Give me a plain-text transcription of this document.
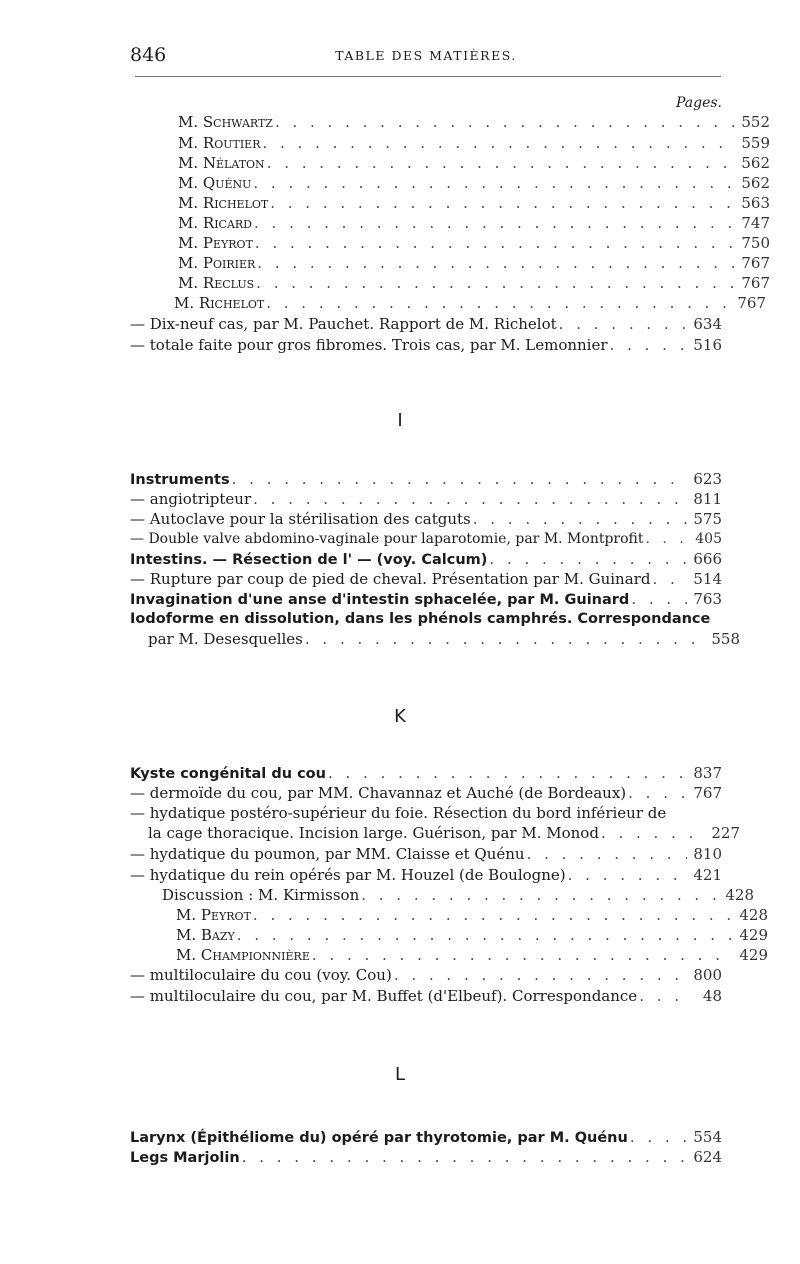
846	TABLE DES MATIÈRES.
Pages.
M. Schwartz . . .	552
M. Routier . . .	559
M. Nélaton . . .	562
M. Quénu . . .	562
M. Richelot . . .	563
M. Ricard . . .	747
M. Peyrot . . .	750
M. Poirier . . .	767
M. Reclus . . .	767
M. Richelot . . .	767
— Dix-neuf cas, par M. Pauchet. Rapport de M. Richelot . . .	634
— totale faite pour gros fibromes. Trois cas, par M. Lemonnier . . .	516
I
Instruments . . .	623
— angiotripteur . . .	811
— Autoclave pour la stérilisation des catguts . . .	575
— Double valve abdomino-vaginale pour laparotomie, par M. Montprofit . . .	405
Intestins. — Résection de l' — (voy. Calcum) . . .	666
— Rupture par coup de pied de cheval. Présentation par M. Guinard . . .	514
Invagination d'une anse d'intestin sphacelée, par M. Guinard . . .	763
Iodoforme en dissolution, dans les phénols camphrés. Correspondance
par M. Desesquelles . . .	558
K
Kyste congénital du cou . . .	837
— dermoïde du cou, par MM. Chavannaz et Auché (de Bordeaux) . . .	767
— hydatique postéro-supérieur du foie. Résection du bord inférieur de
la cage thoracique. Incision large. Guérison, par M. Monod . . .	227
— hydatique du poumon, par MM. Claisse et Quénu . . .	810
— hydatique du rein opérés par M. Houzel (de Boulogne) . . .	421
Discussion : M. Kirmisson . . .	428
M. Peyrot . . .	428
M. Bazy . . .	429
M. Championnière . . .	429
— multiloculaire du cou (voy. Cou) . . .	800
— multiloculaire du cou, par M. Buffet (d'Elbeuf). Correspondance . . .	48
L
Larynx (Épithéliome du) opéré par thyrotomie, par M. Quénu . . .	554
Legs Marjolin . . .	624
